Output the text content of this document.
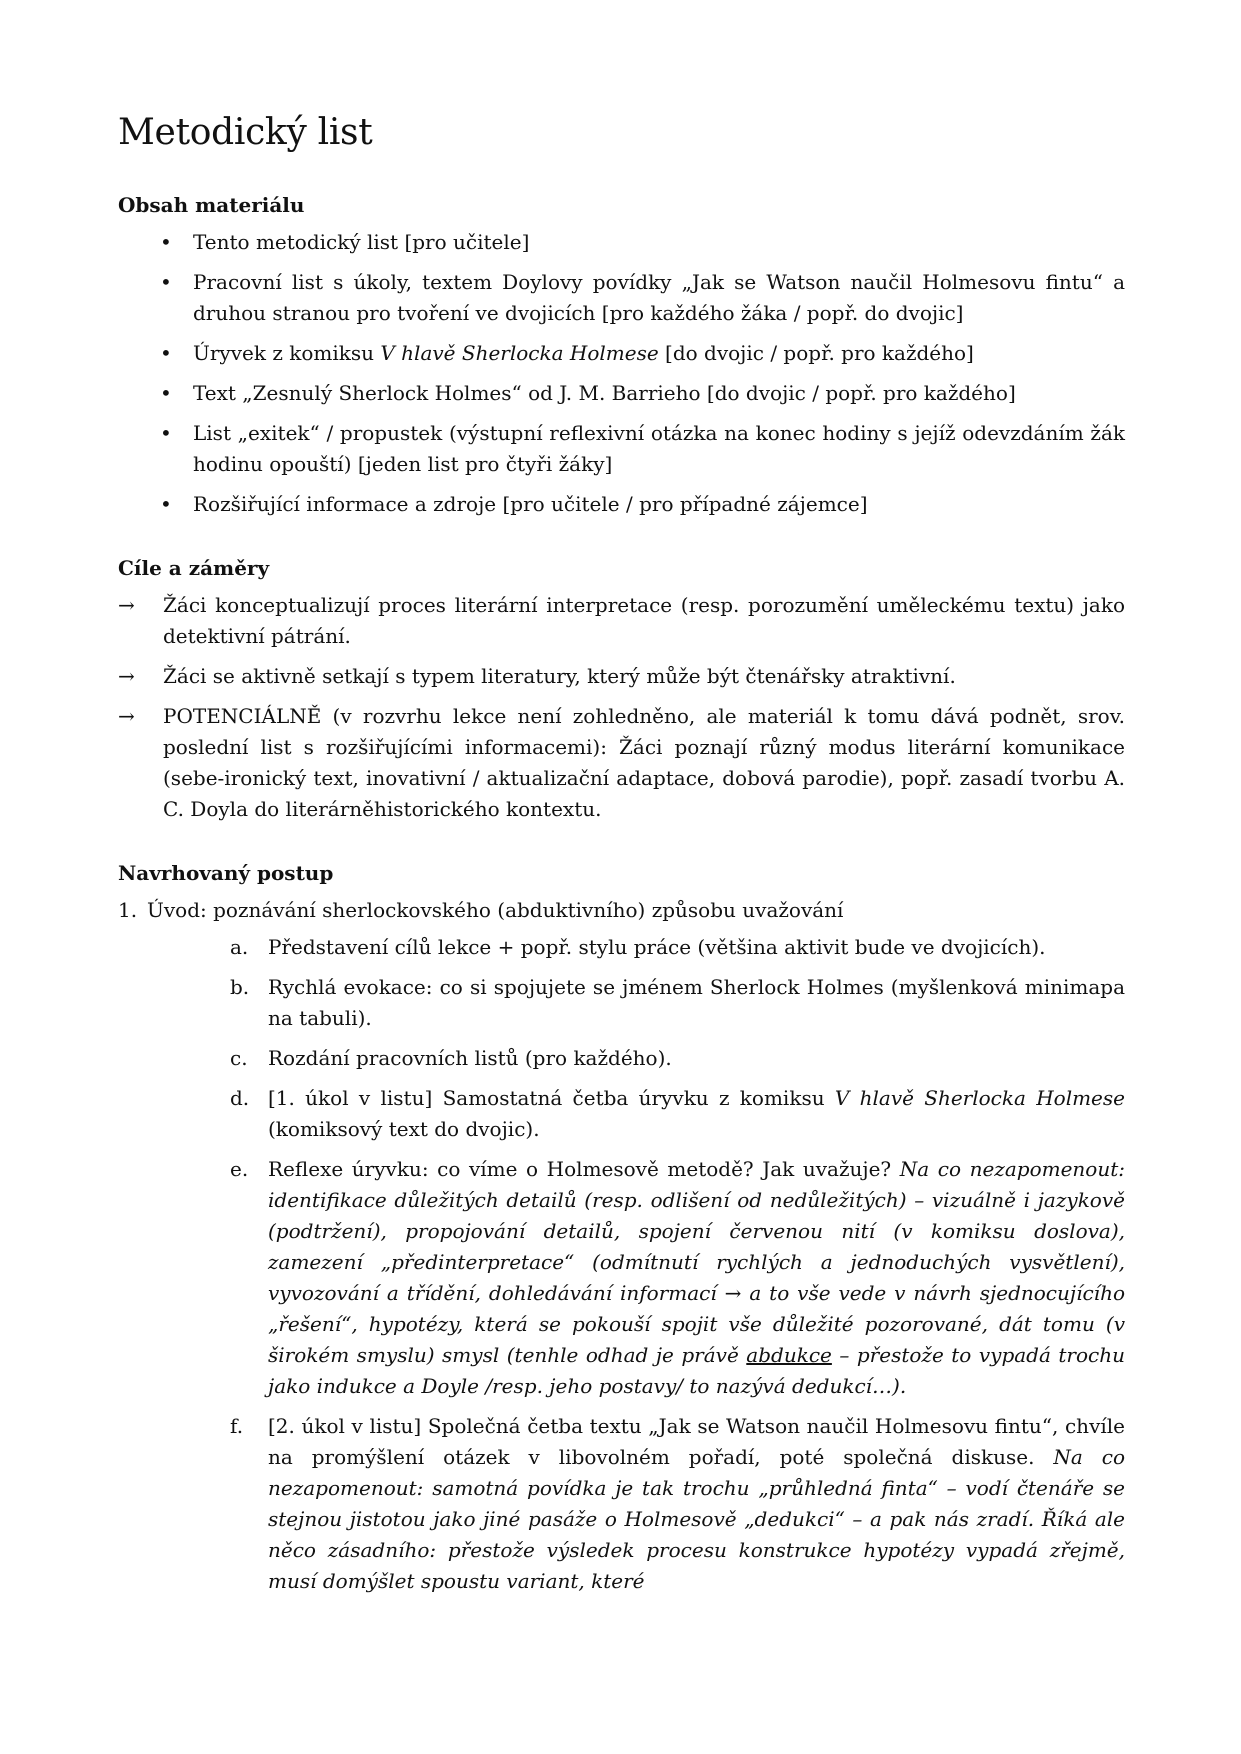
Metodický list
Obsah materiálu
• Tento metodický list [pro učitele]
• Pracovní list s úkoly, textem Doylovy povídky „Jak se Watson naučil Holmesovu fintu“ a druhou stranou pro tvoření ve dvojicích [pro každého žáka / popř. do dvojic]
• Úryvek z komiksu V hlavě Sherlocka Holmese [do dvojic / popř. pro každého]
• Text „Zesnulý Sherlock Holmes“ od J. M. Barrieho [do dvojic / popř. pro každého]
• List „exitek“ / propustek (výstupní reflexivní otázka na konec hodiny s jejíž odevzdáním žák hodinu opouští) [jeden list pro čtyři žáky]
• Rozšiřující informace a zdroje [pro učitele / pro případné zájemce]
Cíle a záměry
→ Žáci konceptualizují proces literární interpretace (resp. porozumění uměleckému textu) jako detektivní pátrání.
→ Žáci se aktivně setkají s typem literatury, který může být čtenářsky atraktivní.
→ POTENCIÁLNĚ (v rozvrhu lekce není zohledněno, ale materiál k tomu dává podnět, srov. poslední list s rozšiřujícími informacemi): Žáci poznají různý modus literární komunikace (sebe-ironický text, inovativní / aktualizační adaptace, dobová parodie), popř. zasadí tvorbu A. C. Doyla do literárněhistorického kontextu.
Navrhovaný postup
1. Úvod: poznávání sherlockovského (abduktivního) způsobu uvažování
a. Představení cílů lekce + popř. stylu práce (většina aktivit bude ve dvojicích).
b. Rychlá evokace: co si spojujete se jménem Sherlock Holmes (myšlenková minimapa na tabuli).
c. Rozdání pracovních listů (pro každého).
d. [1. úkol v listu] Samostatná četba úryvku z komiksu V hlavě Sherlocka Holmese (komiksový text do dvojic).
e. Reflexe úryvku: co víme o Holmesově metodě? Jak uvažuje? Na co nezapomenout: identifikace důležitých detailů (resp. odlišení od nedůležitých) – vizuálně i jazykově (podtržení), propojování detailů, spojení červenou nití (v komiksu doslova), zamezení „předinterpretace“ (odmítnutí rychlých a jednoduchých vysvětlení), vyvozování a třídění, dohledávání informací → a to vše vede v návrh sjednocujícího „řešení“, hypotézy, která se pokouší spojit vše důležité pozorované, dát tomu (v širokém smyslu) smysl (tenhle odhad je právě abdukce – přestože to vypadá trochu jako indukce a Doyle /resp. jeho postavy/ to nazývá dedukcí…).
f. [2. úkol v listu] Společná četba textu „Jak se Watson naučil Holmesovu fintu“, chvíle na promýšlení otázek v libovolném pořadí, poté společná diskuse. Na co nezapomenout: samotná povídka je tak trochu „průhledná finta“ – vodí čtenáře se stejnou jistotou jako jiné pasáže o Holmesově „dedukci“ – a pak nás zradí. Říká ale něco zásadního: přestože výsledek procesu konstrukce hypotézy vypadá zřejmě, musí domýšlet spoustu variant, které
